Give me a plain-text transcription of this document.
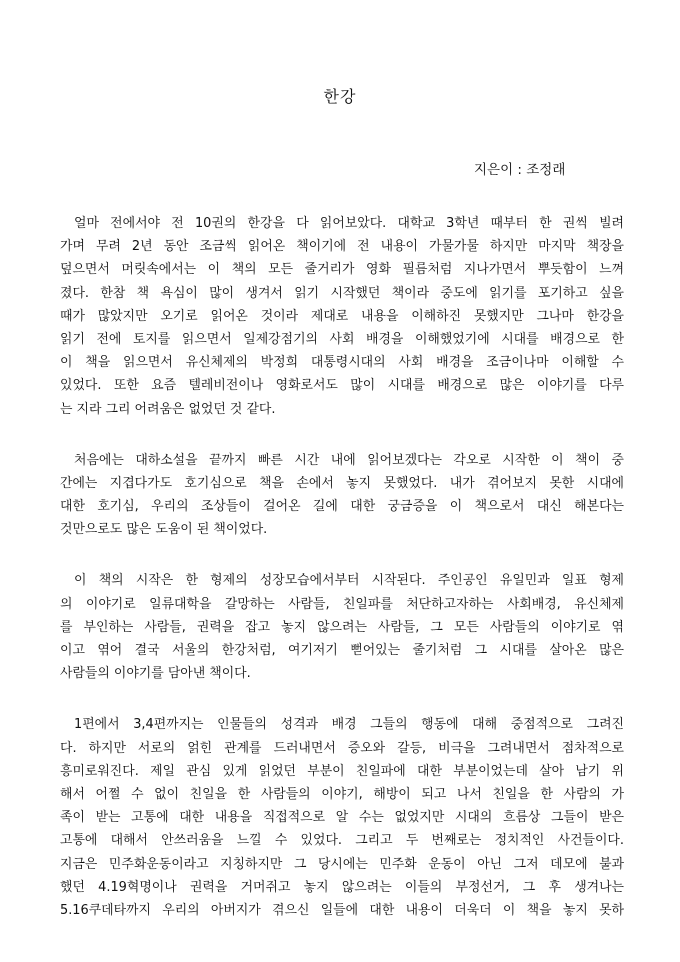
한강
지은이 : 조정래
얼마 전에서야 전 10권의 한강을 다 읽어보았다. 대학교 3학년 때부터 한 권씩 빌려
가며 무려 2년 동안 조금씩 읽어온 책이기에 전 내용이 가물가물 하지만 마지막 책장을
덮으면서 머릿속에서는 이 책의 모든 줄거리가 영화 필름처럼 지나가면서 뿌듯함이 느껴
졌다. 한참 책 욕심이 많이 생겨서 읽기 시작했던 책이라 중도에 읽기를 포기하고 싶을
때가 많았지만 오기로 읽어온 것이라 제대로 내용을 이해하진 못했지만 그나마 한강을
읽기 전에 토지를 읽으면서 일제강점기의 사회 배경을 이해했었기에 시대를 배경으로 한
이 책을 읽으면서 유신체제의 박정희 대통령시대의 사회 배경을 조금이나마 이해할 수
있었다. 또한 요즘 텔레비전이나 영화로서도 많이 시대를 배경으로 많은 이야기를 다루
는 지라 그리 어려움은 없었던 것 같다.
처음에는 대하소설을 끝까지 빠른 시간 내에 읽어보겠다는 각오로 시작한 이 책이 중
간에는 지겹다가도 호기심으로 책을 손에서 놓지 못했었다. 내가 겪어보지 못한 시대에
대한 호기심, 우리의 조상들이 걸어온 길에 대한 궁금증을 이 책으로서 대신 해본다는
것만으로도 많은 도움이 된 책이었다.
이 책의 시작은 한 형제의 성장모습에서부터 시작된다. 주인공인 유일민과 일표 형제
의 이야기로 일류대학을 갈망하는 사람들, 친일파를 처단하고자하는 사회배경, 유신체제
를 부인하는 사람들, 권력을 잡고 놓지 않으려는 사람들, 그 모든 사람들의 이야기로 엮
이고 엮어 결국 서울의 한강처럼, 여기저기 뻗어있는 줄기처럼 그 시대를 살아온 많은
사람들의 이야기를 담아낸 책이다.
1편에서 3,4편까지는 인물들의 성격과 배경 그들의 행동에 대해 중점적으로 그려진
다. 하지만 서로의 얽힌 관계를 드러내면서 증오와 갈등, 비극을 그려내면서 점차적으로
흥미로워진다. 제일 관심 있게 읽었던 부분이 친일파에 대한 부분이었는데 살아 남기 위
해서 어쩔 수 없이 친일을 한 사람들의 이야기, 해방이 되고 나서 친일을 한 사람의 가
족이 받는 고통에 대한 내용을 직접적으로 알 수는 없었지만 시대의 흐름상 그들이 받은
고통에 대해서 안쓰러움을 느낄 수 있었다. 그리고 두 번째로는 정치적인 사건들이다.
지금은 민주화운동이라고 지칭하지만 그 당시에는 민주화 운동이 아닌 그저 데모에 불과
했던 4.19혁명이나 권력을 거머쥐고 놓지 않으려는 이들의 부정선거, 그 후 생겨나는
5.16쿠데타까지 우리의 아버지가 겪으신 일들에 대한 내용이 더욱더 이 책을 놓지 못하
